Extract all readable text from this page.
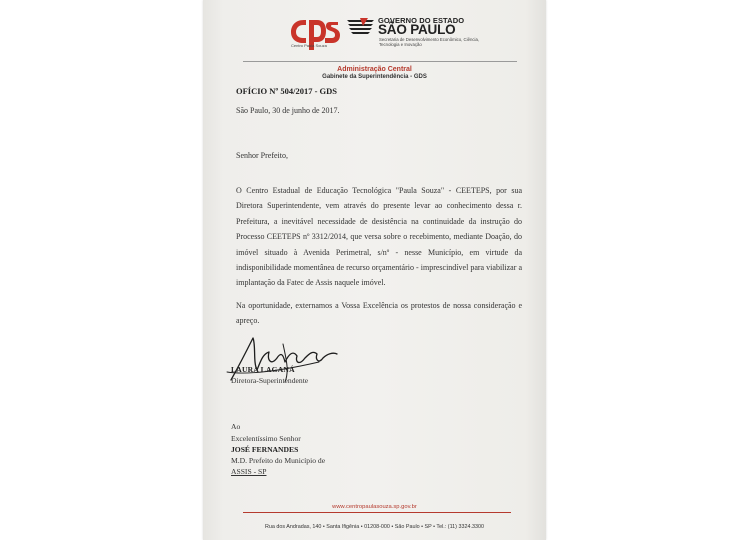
Centro Paula Souza
GOVERNO DO ESTADO
SÃO PAULO
Secretaria de Desenvolvimento Econômico, Ciência, Tecnologia e Inovação
Administração Central
Gabinete da Superintendência - GDS
OFÍCIO Nº 504/2017 - GDS
São Paulo, 30 de junho de 2017.
Senhor Prefeito,
O Centro Estadual de Educação Tecnológica "Paula Souza" - CEETEPS, por sua Diretora Superintendente, vem através do presente levar ao conhecimento dessa r. Prefeitura, a inevitável necessidade de desistência na continuidade da instrução do Processo CEETEPS nº 3312/2014, que versa sobre o recebimento, mediante Doação, do imóvel situado à Avenida Perimetral, s/nº - nesse Município, em virtude da indisponibilidade momentânea de recurso orçamentário - imprescindível para viabilizar a implantação da Fatec de Assis naquele imóvel.
Na oportunidade, externamos a Vossa Excelência os protestos de nossa consideração e apreço.
LAURA LAGANÁ
Diretora-Superintendente
Ao
Excelentíssimo Senhor
JOSÉ FERNANDES
M.D. Prefeito do Município de
ASSIS - SP
www.centropaulasouza.sp.gov.br
Rua dos Andradas, 140 • Santa Ifigênia • 01208-000 • São Paulo • SP • Tel.: (11) 3324.3300
